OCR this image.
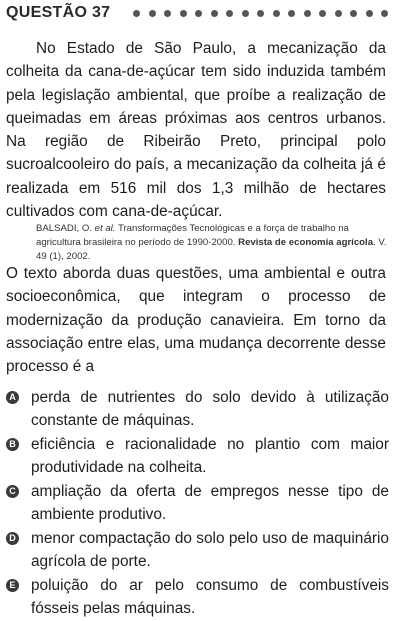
QUESTÃO 37

No Estado de São Paulo, a mecanização da colheita da cana-de-açúcar tem sido induzida também pela legislação ambiental, que proíbe a realização de queimadas em áreas próximas aos centros urbanos. Na região de Ribeirão Preto, principal polo sucroalcooleiro do país, a mecanização da colheita já é realizada em 516 mil dos 1,3 milhão de hectares cultivados com cana-de-açúcar.

BALSADI, O. et al. Transformações Tecnológicas e a força de trabalho na agricultura brasileira no período de 1990-2000. Revista de economia agrícola. V. 49 (1), 2002.

O texto aborda duas questões, uma ambiental e outra socioeconômica, que integram o processo de modernização da produção canavieira. Em torno da associação entre elas, uma mudança decorrente desse processo é a

A perda de nutrientes do solo devido à utilização constante de máquinas.

B eficiência e racionalidade no plantio com maior produtividade na colheita.

C ampliação da oferta de empregos nesse tipo de ambiente produtivo.

D menor compactação do solo pelo uso de maquinário agrícola de porte.

E poluição do ar pelo consumo de combustíveis fósseis pelas máquinas.
